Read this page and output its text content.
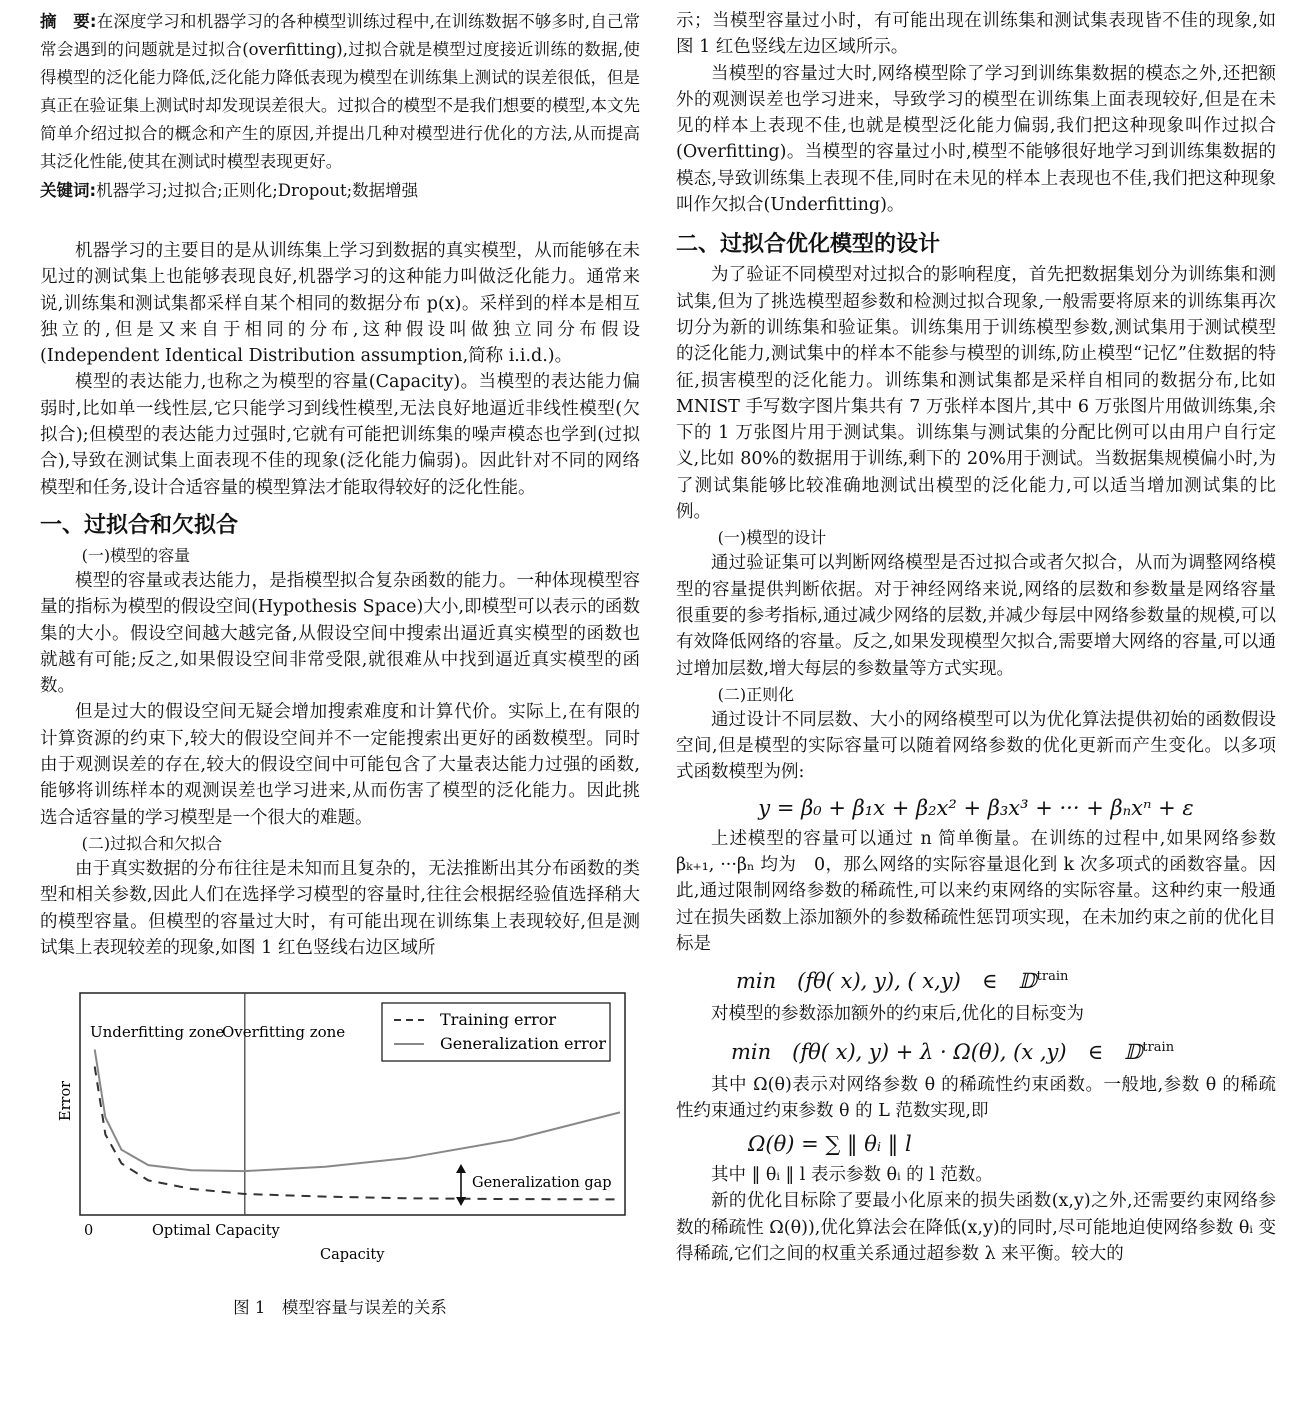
摘　要:在深度学习和机器学习的各种模型训练过程中,在训练数据不够多时,自己常常会遇到的问题就是过拟合(overfitting),过拟合就是模型过度接近训练的数据,使得模型的泛化能力降低,泛化能力降低表现为模型在训练集上测试的误差很低，但是真正在验证集上测试时却发现误差很大。过拟合的模型不是我们想要的模型,本文先简单介绍过拟合的概念和产生的原因,并提出几种对模型进行优化的方法,从而提高其泛化性能,使其在测试时模型表现更好。

关键词:机器学习;过拟合;正则化;Dropout;数据增强

机器学习的主要目的是从训练集上学习到数据的真实模型，从而能够在未见过的测试集上也能够表现良好,机器学习的这种能力叫做泛化能力。通常来说,训练集和测试集都采样自某个相同的数据分布 p(x)。采样到的样本是相互独立的,但是又来自于相同的分布,这种假设叫做独立同分布假设(Independent Identical Distribution assumption,简称 i.i.d.)。

模型的表达能力,也称之为模型的容量(Capacity)。当模型的表达能力偏弱时,比如单一线性层,它只能学习到线性模型,无法良好地逼近非线性模型(欠拟合);但模型的表达能力过强时,它就有可能把训练集的噪声模态也学到(过拟合),导致在测试集上面表现不佳的现象(泛化能力偏弱)。因此针对不同的网络模型和任务,设计合适容量的模型算法才能取得较好的泛化性能。

一、过拟合和欠拟合

(一)模型的容量

模型的容量或表达能力，是指模型拟合复杂函数的能力。一种体现模型容量的指标为模型的假设空间(Hypothesis Space)大小,即模型可以表示的函数集的大小。假设空间越大越完备,从假设空间中搜索出逼近真实模型的函数也就越有可能;反之,如果假设空间非常受限,就很难从中找到逼近真实模型的函数。

但是过大的假设空间无疑会增加搜索难度和计算代价。实际上,在有限的计算资源的约束下,较大的假设空间并不一定能搜索出更好的函数模型。同时由于观测误差的存在,较大的假设空间中可能包含了大量表达能力过强的函数,能够将训练样本的观测误差也学习进来,从而伤害了模型的泛化能力。因此挑选合适容量的学习模型是一个很大的难题。

(二)过拟合和欠拟合

由于真实数据的分布往往是未知而且复杂的，无法推断出其分布函数的类型和相关参数,因此人们在选择学习模型的容量时,往往会根据经验值选择稍大的模型容量。但模型的容量过大时，有可能出现在训练集上表现较好,但是测试集上表现较差的现象,如图 1 红色竖线右边区域所

Underfitting zone
Overfitting zone
Training error
Generalization error
Generalization gap
0	Optimal Capacity
Capacity
Error

图 1　模型容量与误差的关系

示；当模型容量过小时，有可能出现在训练集和测试集表现皆不佳的现象,如图 1 红色竖线左边区域所示。

当模型的容量过大时,网络模型除了学习到训练集数据的模态之外,还把额外的观测误差也学习进来，导致学习的模型在训练集上面表现较好,但是在未见的样本上表现不佳,也就是模型泛化能力偏弱,我们把这种现象叫作过拟合(Overfitting)。当模型的容量过小时,模型不能够很好地学习到训练集数据的模态,导致训练集上表现不佳,同时在未见的样本上表现也不佳,我们把这种现象叫作欠拟合(Underfitting)。

二、过拟合优化模型的设计

为了验证不同模型对过拟合的影响程度，首先把数据集划分为训练集和测试集,但为了挑选模型超参数和检测过拟合现象,一般需要将原来的训练集再次切分为新的训练集和验证集。训练集用于训练模型参数,测试集用于测试模型的泛化能力,测试集中的样本不能参与模型的训练,防止模型“记忆”住数据的特征,损害模型的泛化能力。训练集和测试集都是采样自相同的数据分布,比如 MNIST 手写数字图片集共有 7 万张样本图片,其中 6 万张图片用做训练集,余下的 1 万张图片用于测试集。训练集与测试集的分配比例可以由用户自行定义,比如 80%的数据用于训练,剩下的 20%用于测试。当数据集规模偏小时,为了测试集能够比较准确地测试出模型的泛化能力,可以适当增加测试集的比例。

(一)模型的设计

通过验证集可以判断网络模型是否过拟合或者欠拟合，从而为调整网络模型的容量提供判断依据。对于神经网络来说,网络的层数和参数量是网络容量很重要的参考指标,通过减少网络的层数,并减少每层中网络参数量的规模,可以有效降低网络的容量。反之,如果发现模型欠拟合,需要增大网络的容量,可以通过增加层数,增大每层的参数量等方式实现。

(二)正则化

通过设计不同层数、大小的网络模型可以为优化算法提供初始的函数假设空间,但是模型的实际容量可以随着网络参数的优化更新而产生变化。以多项式函数模型为例:

y = β₀ + β₁x + β₂x² + β₃x³ + ··· + βₙxⁿ + ε

上述模型的容量可以通过 n 简单衡量。在训练的过程中,如果网络参数 βₖ₊₁, ···βₙ 均为　0，那么网络的实际容量退化到 k 次多项式的函数容量。因此,通过限制网络参数的稀疏性,可以来约束网络的实际容量。这种约束一般通过在损失函数上添加额外的参数稀疏性惩罚项实现，在未加约束之前的优化目标是

min　(fθ( x), y), ( x,y)　∈　𝔻$^{train}$

对模型的参数添加额外的约束后,优化的目标变为

min　(fθ( x), y) + λ · Ω(θ), (x ,y)　∈　𝔻$^{train}$

其中 Ω(θ)表示对网络参数 θ 的稀疏性约束函数。一般地,参数 θ 的稀疏性约束通过约束参数 θ 的 L 范数实现,即

Ω(θ) = ∑ ‖ θᵢ ‖ l

其中 ‖ θᵢ ‖ l 表示参数 θᵢ 的 l 范数。

新的优化目标除了要最小化原来的损失函数(x,y)之外,还需要约束网络参数的稀疏性 Ω(θ)),优化算法会在降低(x,y)的同时,尽可能地迫使网络参数 θᵢ 变得稀疏,它们之间的权重关系通过超参数 λ 来平衡。较大的
